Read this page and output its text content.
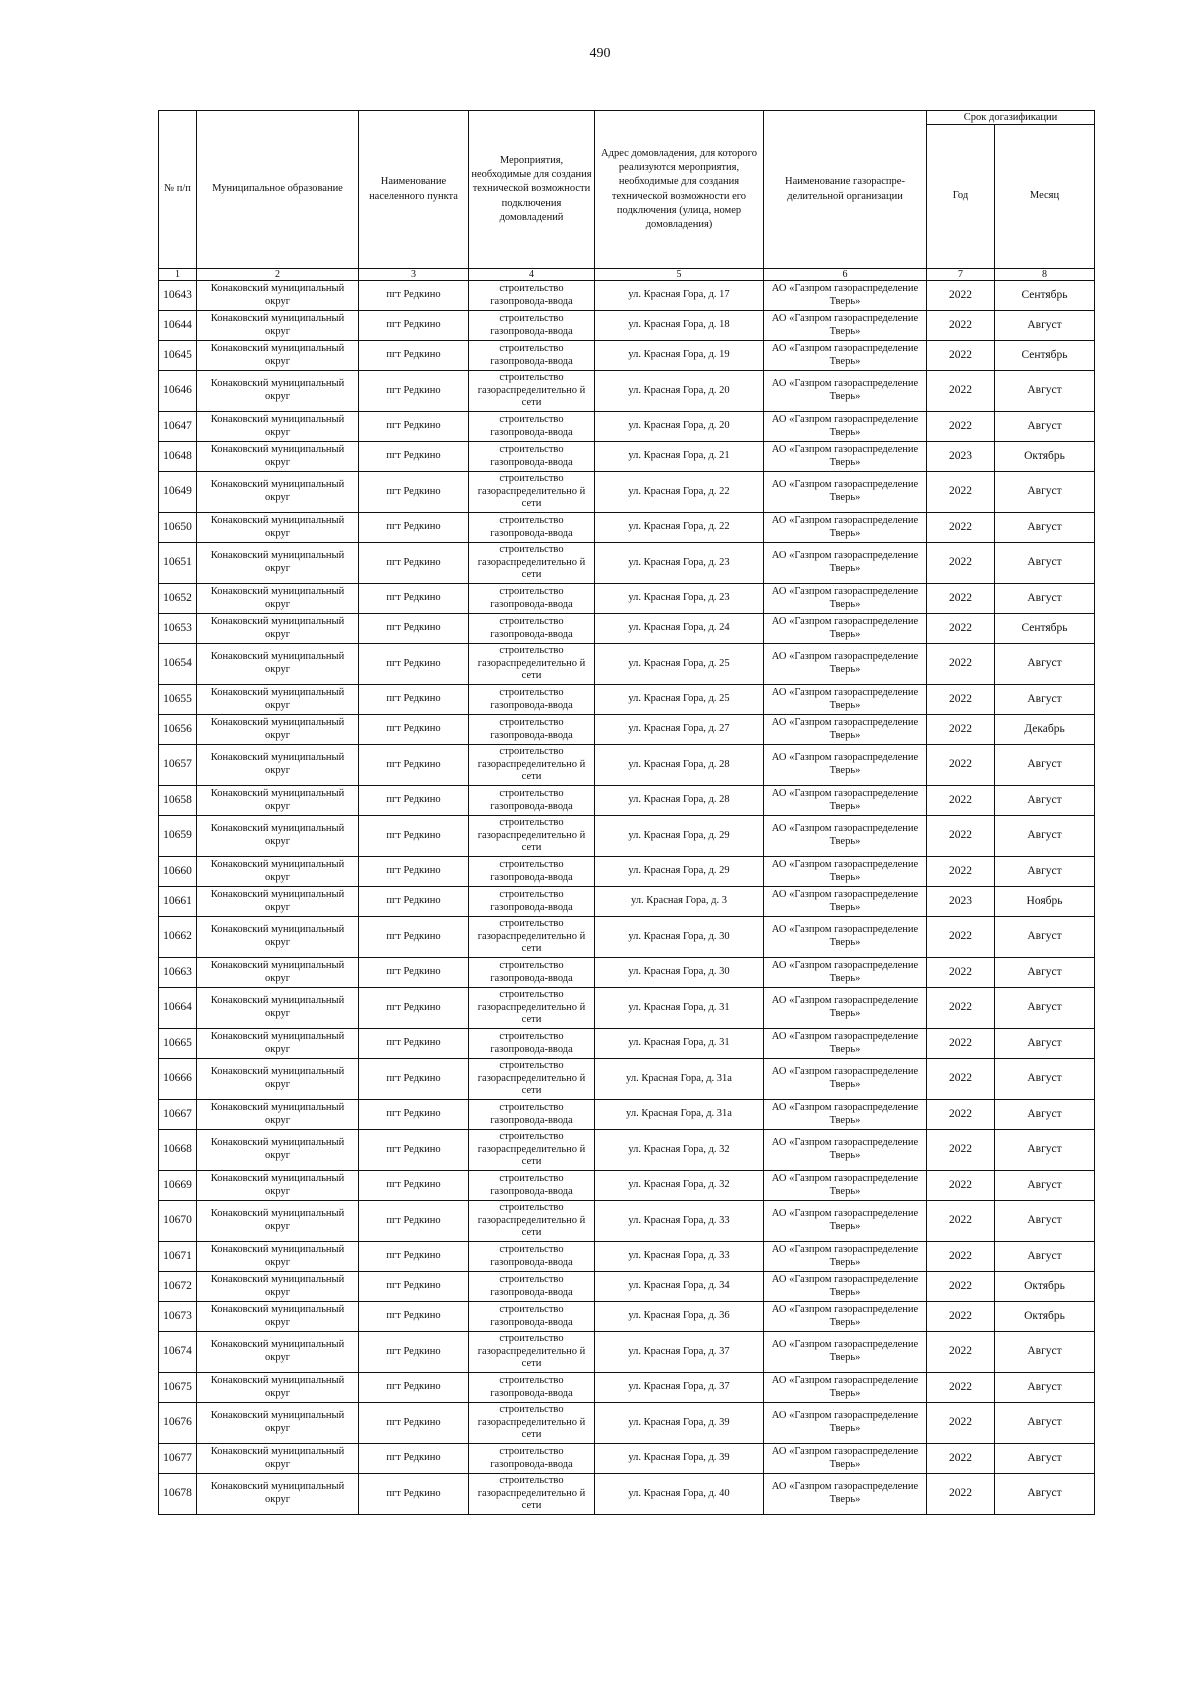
490
№ п/п	Муниципальное образование	Наименование населенного пункта	Мероприятия, необходимые для создания технической возможности подключения домовладений	Адрес домовладения, для которого реализуются мероприятия, необходимые для создания технической возможности его подключения (улица, номер домовладения)	Наименование газораспре-делительной организации	Срок догазификации	
						Год	Месяц
1	2	3	4	5	6	7	8
10643	Конаковский муниципальный округ	пгт Редкино	строительство газопровода-ввода	ул. Красная Гора, д. 17	АО «Газпром газораспределение Тверь»	2022	Сентябрь
10644	Конаковский муниципальный округ	пгт Редкино	строительство газопровода-ввода	ул. Красная Гора, д. 18	АО «Газпром газораспределение Тверь»	2022	Август
10645	Конаковский муниципальный округ	пгт Редкино	строительство газопровода-ввода	ул. Красная Гора, д. 19	АО «Газпром газораспределение Тверь»	2022	Сентябрь
10646	Конаковский муниципальный округ	пгт Редкино	строительство газораспределительно й сети	ул. Красная Гора, д. 20	АО «Газпром газораспределение Тверь»	2022	Август
10647	Конаковский муниципальный округ	пгт Редкино	строительство газопровода-ввода	ул. Красная Гора, д. 20	АО «Газпром газораспределение Тверь»	2022	Август
10648	Конаковский муниципальный округ	пгт Редкино	строительство газопровода-ввода	ул. Красная Гора, д. 21	АО «Газпром газораспределение Тверь»	2023	Октябрь
10649	Конаковский муниципальный округ	пгт Редкино	строительство газораспределительно й сети	ул. Красная Гора, д. 22	АО «Газпром газораспределение Тверь»	2022	Август
10650	Конаковский муниципальный округ	пгт Редкино	строительство газопровода-ввода	ул. Красная Гора, д. 22	АО «Газпром газораспределение Тверь»	2022	Август
10651	Конаковский муниципальный округ	пгт Редкино	строительство газораспределительно й сети	ул. Красная Гора, д. 23	АО «Газпром газораспределение Тверь»	2022	Август
10652	Конаковский муниципальный округ	пгт Редкино	строительство газопровода-ввода	ул. Красная Гора, д. 23	АО «Газпром газораспределение Тверь»	2022	Август
10653	Конаковский муниципальный округ	пгт Редкино	строительство газопровода-ввода	ул. Красная Гора, д. 24	АО «Газпром газораспределение Тверь»	2022	Сентябрь
10654	Конаковский муниципальный округ	пгт Редкино	строительство газораспределительно й сети	ул. Красная Гора, д. 25	АО «Газпром газораспределение Тверь»	2022	Август
10655	Конаковский муниципальный округ	пгт Редкино	строительство газопровода-ввода	ул. Красная Гора, д. 25	АО «Газпром газораспределение Тверь»	2022	Август
10656	Конаковский муниципальный округ	пгт Редкино	строительство газопровода-ввода	ул. Красная Гора, д. 27	АО «Газпром газораспределение Тверь»	2022	Декабрь
10657	Конаковский муниципальный округ	пгт Редкино	строительство газораспределительно й сети	ул. Красная Гора, д. 28	АО «Газпром газораспределение Тверь»	2022	Август
10658	Конаковский муниципальный округ	пгт Редкино	строительство газопровода-ввода	ул. Красная Гора, д. 28	АО «Газпром газораспределение Тверь»	2022	Август
10659	Конаковский муниципальный округ	пгт Редкино	строительство газораспределительно й сети	ул. Красная Гора, д. 29	АО «Газпром газораспределение Тверь»	2022	Август
10660	Конаковский муниципальный округ	пгт Редкино	строительство газопровода-ввода	ул. Красная Гора, д. 29	АО «Газпром газораспределение Тверь»	2022	Август
10661	Конаковский муниципальный округ	пгт Редкино	строительство газопровода-ввода	ул. Красная Гора, д. 3	АО «Газпром газораспределение Тверь»	2023	Ноябрь
10662	Конаковский муниципальный округ	пгт Редкино	строительство газораспределительно й сети	ул. Красная Гора, д. 30	АО «Газпром газораспределение Тверь»	2022	Август
10663	Конаковский муниципальный округ	пгт Редкино	строительство газопровода-ввода	ул. Красная Гора, д. 30	АО «Газпром газораспределение Тверь»	2022	Август
10664	Конаковский муниципальный округ	пгт Редкино	строительство газораспределительно й сети	ул. Красная Гора, д. 31	АО «Газпром газораспределение Тверь»	2022	Август
10665	Конаковский муниципальный округ	пгт Редкино	строительство газопровода-ввода	ул. Красная Гора, д. 31	АО «Газпром газораспределение Тверь»	2022	Август
10666	Конаковский муниципальный округ	пгт Редкино	строительство газораспределительно й сети	ул. Красная Гора, д. 31а	АО «Газпром газораспределение Тверь»	2022	Август
10667	Конаковский муниципальный округ	пгт Редкино	строительство газопровода-ввода	ул. Красная Гора, д. 31а	АО «Газпром газораспределение Тверь»	2022	Август
10668	Конаковский муниципальный округ	пгт Редкино	строительство газораспределительно й сети	ул. Красная Гора, д. 32	АО «Газпром газораспределение Тверь»	2022	Август
10669	Конаковский муниципальный округ	пгт Редкино	строительство газопровода-ввода	ул. Красная Гора, д. 32	АО «Газпром газораспределение Тверь»	2022	Август
10670	Конаковский муниципальный округ	пгт Редкино	строительство газораспределительно й сети	ул. Красная Гора, д. 33	АО «Газпром газораспределение Тверь»	2022	Август
10671	Конаковский муниципальный округ	пгт Редкино	строительство газопровода-ввода	ул. Красная Гора, д. 33	АО «Газпром газораспределение Тверь»	2022	Август
10672	Конаковский муниципальный округ	пгт Редкино	строительство газопровода-ввода	ул. Красная Гора, д. 34	АО «Газпром газораспределение Тверь»	2022	Октябрь
10673	Конаковский муниципальный округ	пгт Редкино	строительство газопровода-ввода	ул. Красная Гора, д. 36	АО «Газпром газораспределение Тверь»	2022	Октябрь
10674	Конаковский муниципальный округ	пгт Редкино	строительство газораспределительно й сети	ул. Красная Гора, д. 37	АО «Газпром газораспределение Тверь»	2022	Август
10675	Конаковский муниципальный округ	пгт Редкино	строительство газопровода-ввода	ул. Красная Гора, д. 37	АО «Газпром газораспределение Тверь»	2022	Август
10676	Конаковский муниципальный округ	пгт Редкино	строительство газораспределительно й сети	ул. Красная Гора, д. 39	АО «Газпром газораспределение Тверь»	2022	Август
10677	Конаковский муниципальный округ	пгт Редкино	строительство газопровода-ввода	ул. Красная Гора, д. 39	АО «Газпром газораспределение Тверь»	2022	Август
10678	Конаковский муниципальный округ	пгт Редкино	строительство газораспределительно й сети	ул. Красная Гора, д. 40	АО «Газпром газораспределение Тверь»	2022	Август
